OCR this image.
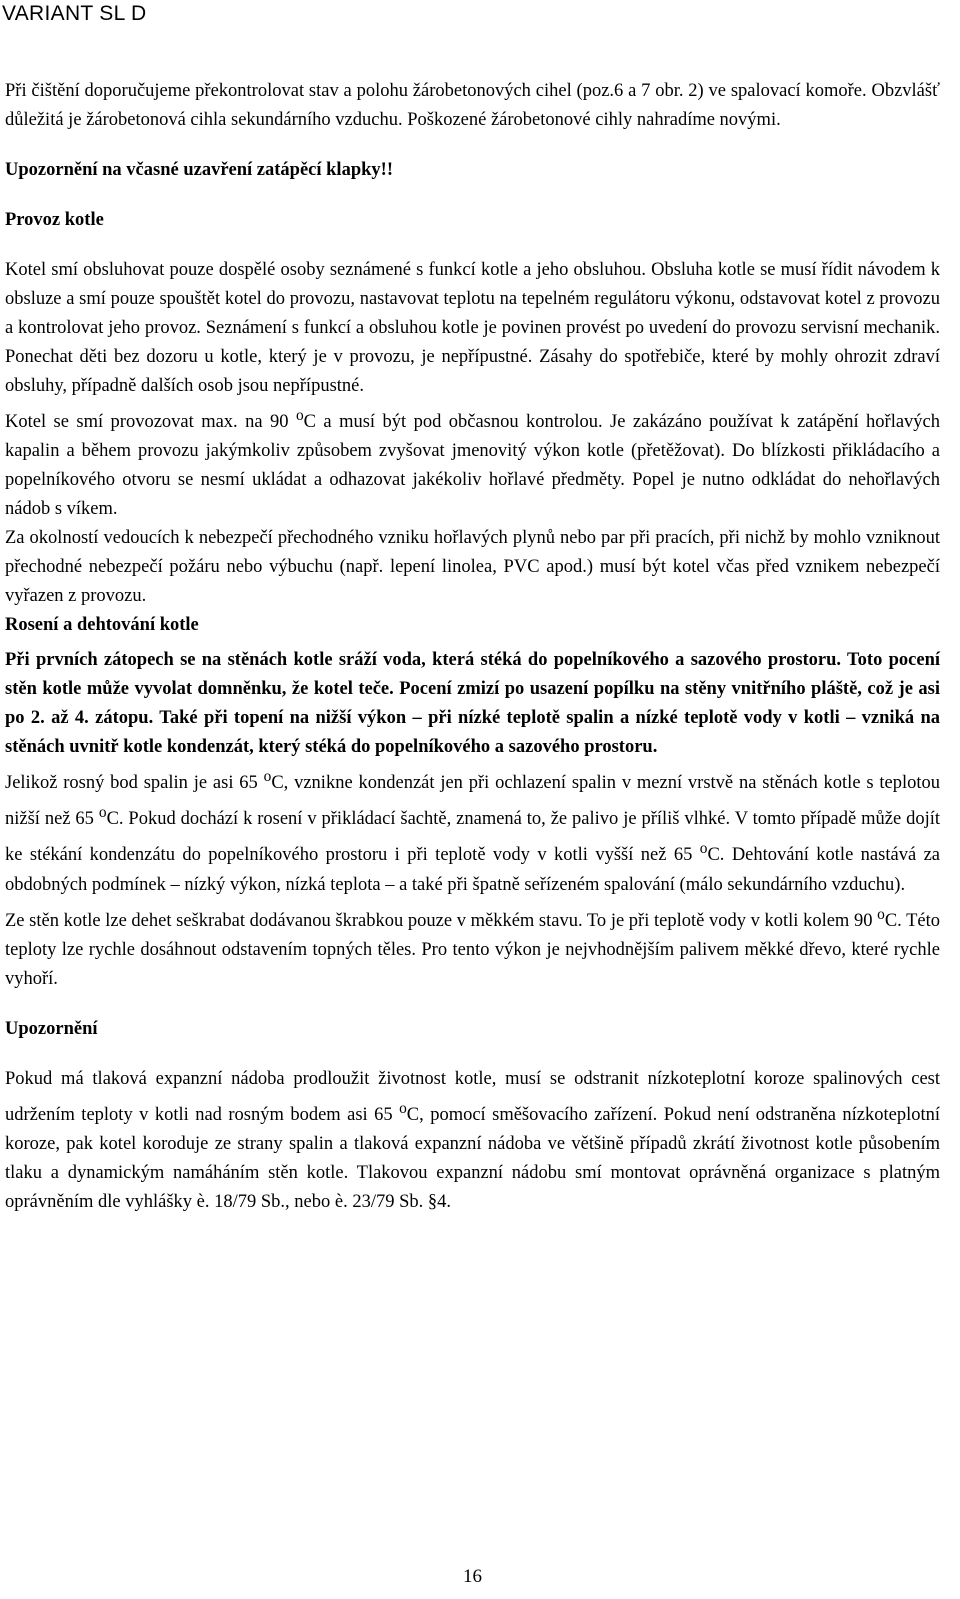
VARIANT SL D

Při čištění doporučujeme překontrolovat stav a polohu žárobetonových cihel (poz.6 a 7 obr. 2) ve spalovací komoře. Obzvlášť důležitá je žárobetonová cihla sekundárního vzduchu. Poškozené žárobetonové cihly nahradíme novými.

Upozornění na včasné uzavření zatápěcí klapky!!
Provoz kotle

Kotel smí obsluhovat pouze dospělé osoby seznámené s funkcí kotle a jeho obsluhou. Obsluha kotle se musí řídit návodem k obsluze a smí pouze spouštět kotel do provozu, nastavovat teplotu na tepelném regulátoru výkonu, odstavovat kotel z provozu a kontrolovat jeho provoz. Seznámení s funkcí a obsluhou kotle je povinen provést po uvedení do provozu servisní mechanik. Ponechat děti bez dozoru u kotle, který je v provozu, je nepřípustné. Zásahy do spotřebiče, které by mohly ohrozit zdraví obsluhy, případně dalších osob jsou nepřípustné.

Kotel se smí provozovat max. na 90 $^o$C a musí být pod občasnou kontrolou. Je zakázáno používat k zatápění hořlavých kapalin a během provozu jakýmkoliv způsobem zvyšovat jmenovitý výkon kotle (přetěžovat). Do blízkosti přikládacího a popelníkového otvoru se nesmí ukládat a odhazovat jakékoliv hořlavé předměty. Popel je nutno odkládat do nehořlavých nádob s víkem.

Za okolností vedoucích k nebezpečí přechodného vzniku hořlavých plynů nebo par při pracích, při nichž by mohlo vzniknout přechodné nebezpečí požáru nebo výbuchu (např. lepení linolea, PVC apod.) musí být kotel včas před vznikem nebezpečí vyřazen z provozu.

Rosení a dehtování kotle

Při prvních zátopech se na stěnách kotle sráží voda, která stéká do popelníkového a sazového prostoru. Toto pocení stěn kotle může vyvolat domněnku, že kotel teče. Pocení zmizí po usazení popílku na stěny vnitřního pláště, což je asi po 2. až 4. zátopu. Také při topení na nižší výkon – při nízké teplotě spalin a nízké teplotě vody v kotli – vzniká na stěnách uvnitř kotle kondenzát, který stéká do popelníkového a sazového prostoru.

Jelikož rosný bod spalin je asi 65 $^o$C, vznikne kondenzát jen při ochlazení spalin v mezní vrstvě na stěnách kotle s teplotou nižší než 65 $^o$C. Pokud dochází k rosení v přikládací šachtě, znamená to, že palivo je příliš vlhké. V tomto případě může dojít ke stékání kondenzátu do popelníkového prostoru i při teplotě vody v kotli vyšší než 65 $^o$C. Dehtování kotle nastává za obdobných podmínek – nízký výkon, nízká teplota – a také při špatně seřízeném spalování (málo sekundárního vzduchu).

Ze stěn kotle lze dehet seškrabat dodávanou škrabkou pouze v měkkém stavu. To je při teplotě vody v kotli kolem 90 $^o$C. Této teploty lze rychle dosáhnout odstavením topných těles. Pro tento výkon je nejvhodnějším palivem měkké dřevo, které rychle vyhoří.

Upozornění

Pokud má tlaková expanzní nádoba prodloužit životnost kotle, musí se odstranit nízkoteplotní koroze spalinových cest udržením teploty v kotli nad rosným bodem asi 65 $^o$C, pomocí směšovacího zařízení. Pokud není odstraněna nízkoteplotní koroze, pak kotel koroduje ze strany spalin a tlaková expanzní nádoba ve většině případů zkrátí životnost kotle působením tlaku a dynamickým namáháním stěn kotle. Tlakovou expanzní nádobu smí montovat oprávněná organizace s platným oprávněním dle vyhlášky è. 18/79 Sb., nebo è. 23/79 Sb. §4.

16
